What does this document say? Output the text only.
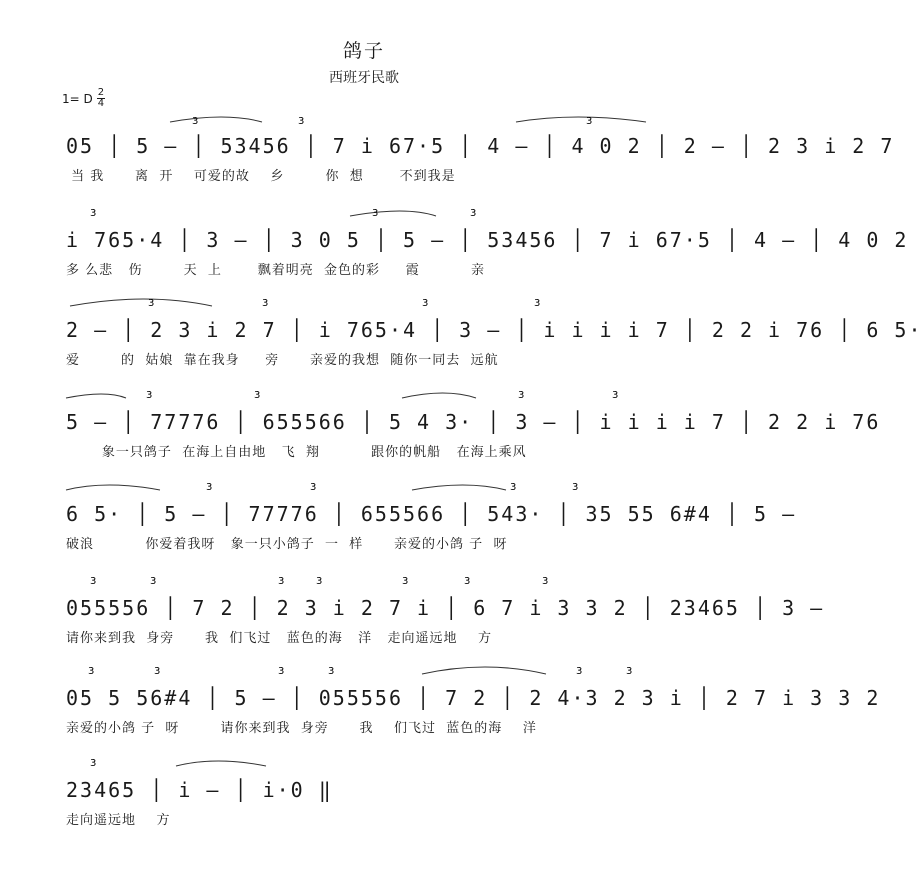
鸽子
西班牙民歌
1= D 2
4
3	3	3
05 │ 5 – │ 53456 │ 7 i 67·5 │ 4 – │ 4 0 2 │ 2 – │ 2 3 i 2 7
当 我      离  开    可爱的故    乡        你  想       不到我是
3	3	3
i 765·4 │ 3 – │ 3 0 5 │ 5 – │ 53456 │ 7 i 67·5 │ 4 – │ 4 0 2
多 么悲   伤        天  上       飘着明亮  金色的彩     霞          亲
3	3	3	3
2 – │ 2 3 i 2 7 │ i 765·4 │ 3 – │ i i i i 7 │ 2 2 i 76 │ 6 5·
爱        的  姑娘  靠在我身     旁      亲爱的我想  随你一同去  远航
3	3	3	3
5 – │ 77776 │ 655566 │ 5 4 3· │ 3 – │ i i i i 7 │ 2 2 i 76
象一只鸽子  在海上自由地   飞  翔          跟你的帆船   在海上乘风
3	3	3	3
6 5· │ 5 – │ 77776 │ 655566 │ 543· │ 35 55 6#4 │ 5 –
破浪          你爱着我呀   象一只小鸽子  一  样      亲爱的小鸽 子  呀
3	3	3	3	3	3	3
055556 │ 7 2 │ 2 3 i 2 7 i │ 6 7 i 3 3 2 │ 23465 │ 3 –
请你来到我  身旁      我  们飞过   蓝色的海   洋   走向遥远地    方
3	3	3	3	3	3
05 5 56#4 │ 5 – │ 055556 │ 7 2 │ 2 4·3 2 3 i │ 2 7 i 3 3 2
亲爱的小鸽 子  呀        请你来到我  身旁      我    们飞过  蓝色的海    洋
3
23465 │ i – │ i·0 ‖
走向遥远地    方
